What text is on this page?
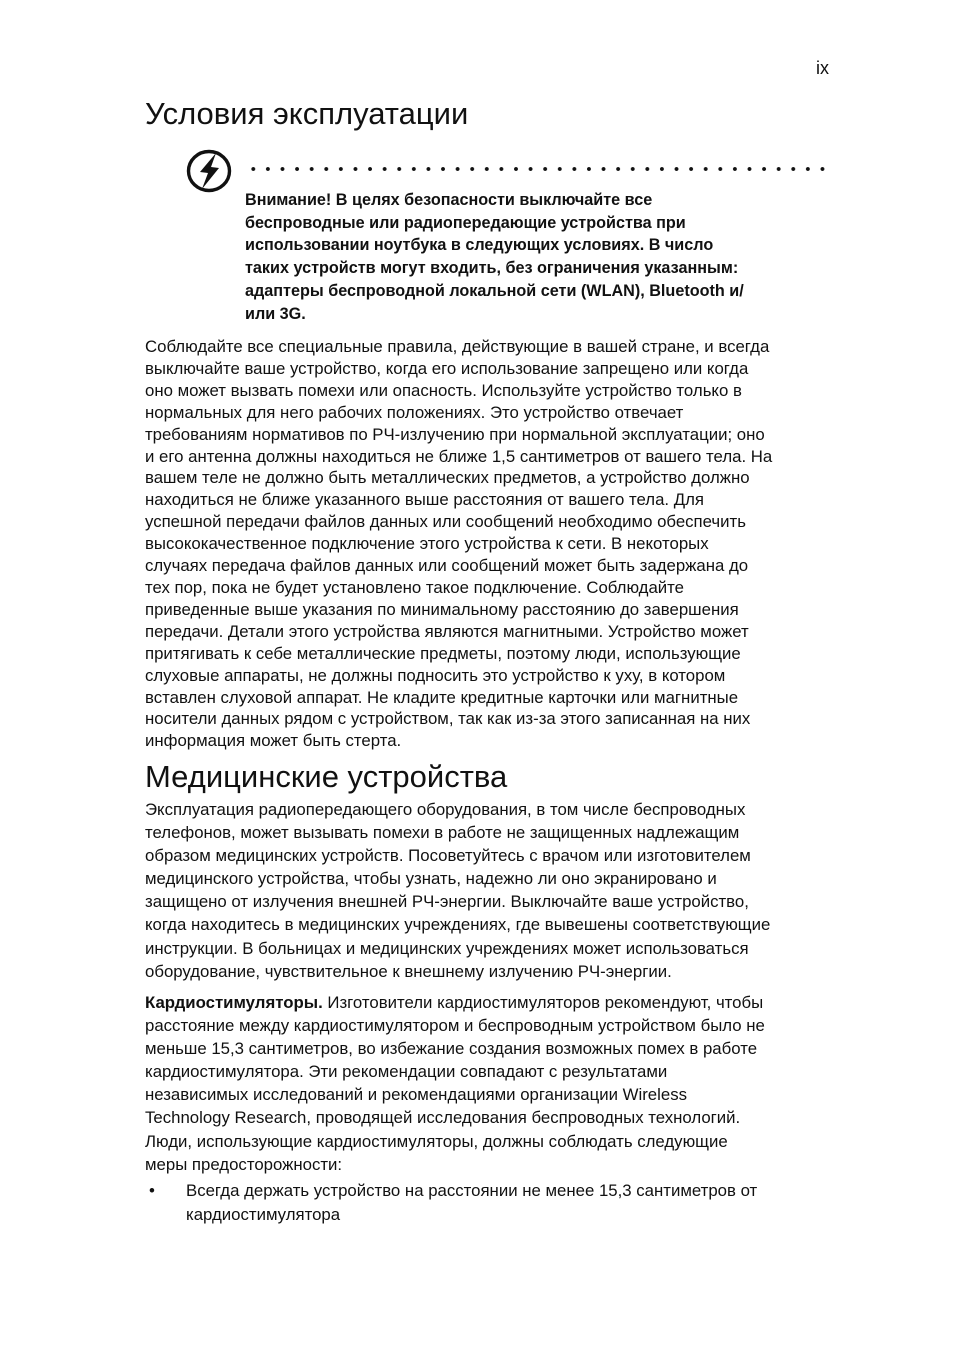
ix
Условия эксплуатации

Внимание! В целях безопасности выключайте все
беспроводные или радиопередающие устройства при
использовании ноутбука в следующих условиях. В число
таких устройств могут входить, без ограничения указанным:
адаптеры беспроводной локальной сети (WLAN), Bluetooth и/
или 3G.

Соблюдайте все специальные правила, действующие в вашей стране, и всегда
выключайте ваше устройство, когда его использование запрещено или когда
оно может вызвать помехи или опасность. Используйте устройство только в
нормальных для него рабочих положениях. Это устройство отвечает
требованиям нормативов по РЧ-излучению при нормальной эксплуатации; оно
и его антенна должны находиться не ближе 1,5 сантиметров от вашего тела. На
вашем теле не должно быть металлических предметов, а устройство должно
находиться не ближе указанного выше расстояния от вашего тела. Для
успешной передачи файлов данных или сообщений необходимо обеспечить
высококачественное подключение этого устройства к сети. В некоторых
случаях передача файлов данных или сообщений может быть задержана до
тех пор, пока не будет установлено такое подключение. Соблюдайте
приведенные выше указания по минимальному расстоянию до завершения
передачи. Детали этого устройства являются магнитными. Устройство может
притягивать к себе металлические предметы, поэтому люди, использующие
слуховые аппараты, не должны подносить это устройство к уху, в котором
вставлен слуховой аппарат. Не кладите кредитные карточки или магнитные
носители данных рядом с устройством, так как из-за этого записанная на них
информация может быть стерта.

Медицинские устройства

Эксплуатация радиопередающего оборудования, в том числе беспроводных
телефонов, может вызывать помехи в работе не защищенных надлежащим
образом медицинских устройств. Посоветуйтесь с врачом или изготовителем
медицинского устройства, чтобы узнать, надежно ли оно экранировано и
защищено от излучения внешней РЧ-энергии. Выключайте ваше устройство,
когда находитесь в медицинских учреждениях, где вывешены соответствующие
инструкции. В больницах и медицинских учреждениях может использоваться
оборудование, чувствительное к внешнему излучению РЧ-энергии.

Кардиостимуляторы. Изготовители кардиостимуляторов рекомендуют, чтобы
расстояние между кардиостимулятором и беспроводным устройством было не
меньше 15,3 сантиметров, во избежание создания возможных помех в работе
кардиостимулятора. Эти рекомендации совпадают с результатами
независимых исследований и рекомендациями организации Wireless
Technology Research, проводящей исследования беспроводных технологий.
Люди, использующие кардиостимуляторы, должны соблюдать следующие
меры предосторожности:

• Всегда держать устройство на расстоянии не менее 15,3 сантиметров от
кардиостимулятора
